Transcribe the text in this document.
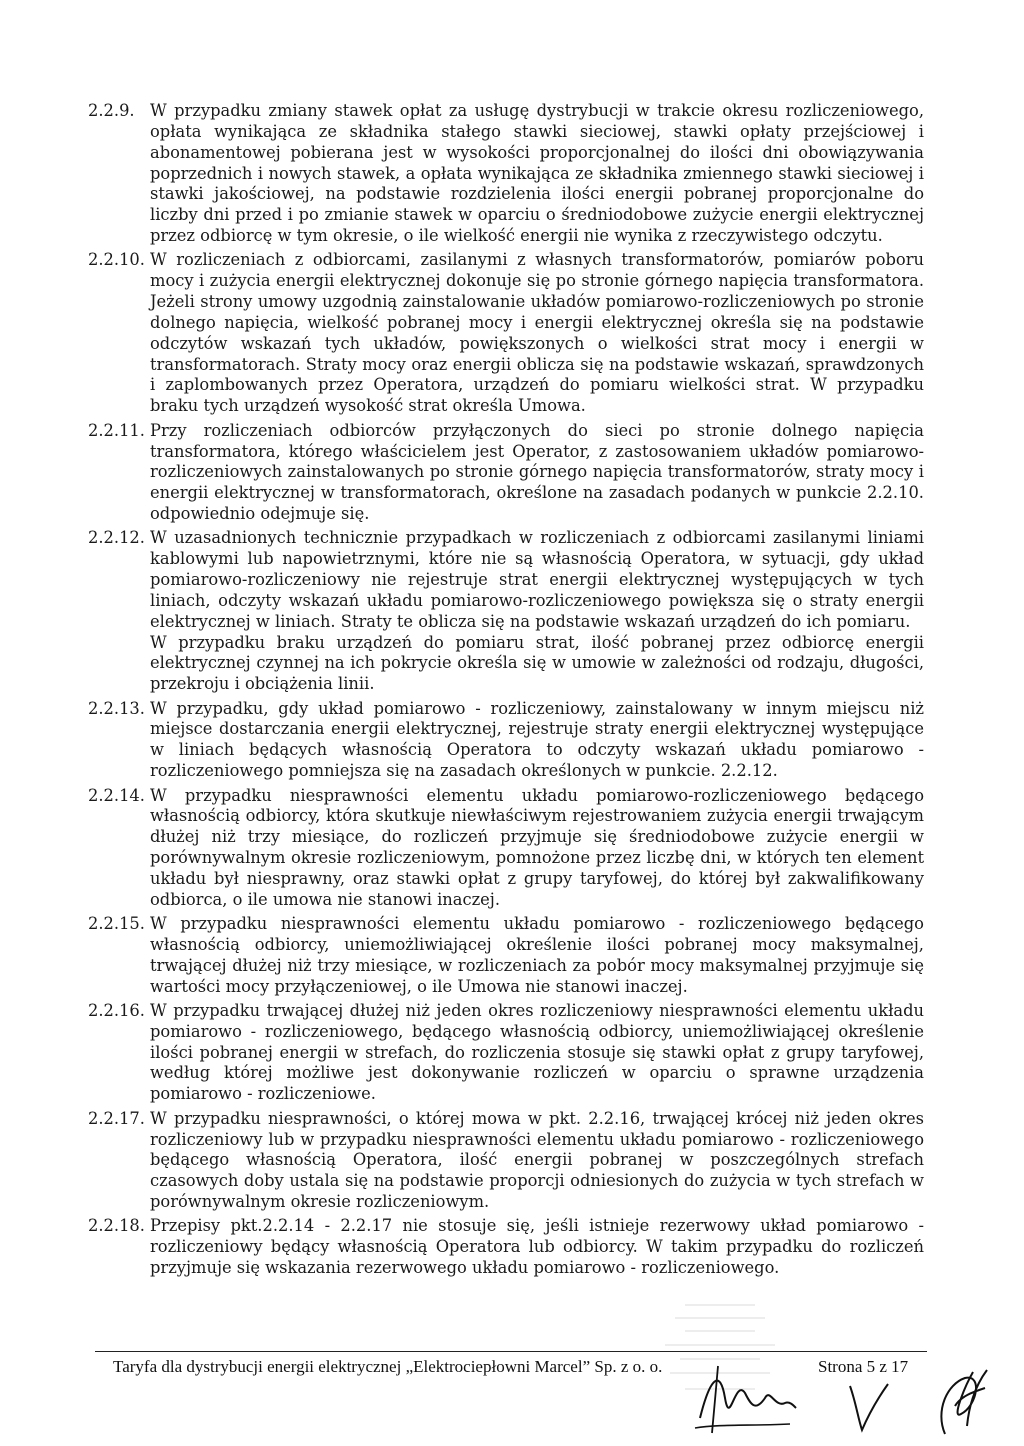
2.2.9. W przypadku zmiany stawek opłat za usługę dystrybucji w trakcie okresu rozliczeniowego, opłata wynikająca ze składnika stałego stawki sieciowej, stawki opłaty przejściowej i abonamentowej pobierana jest w wysokości proporcjonalnej do ilości dni obowiązywania poprzednich i nowych stawek, a opłata wynikająca ze składnika zmiennego stawki sieciowej i stawki jakościowej, na podstawie rozdzielenia ilości energii pobranej proporcjonalne do liczby dni przed i po zmianie stawek w oparciu o średniodobowe zużycie energii elektrycznej przez odbiorcę w tym okresie, o ile wielkość energii nie wynika z rzeczywistego odczytu.

2.2.10. W rozliczeniach z odbiorcami, zasilanymi z własnych transformatorów, pomiarów poboru mocy i zużycia energii elektrycznej dokonuje się po stronie górnego napięcia transformatora. Jeżeli strony umowy uzgodnią zainstalowanie układów pomiarowo-rozliczeniowych po stronie dolnego napięcia, wielkość pobranej mocy i energii elektrycznej określa się na podstawie odczytów wskazań tych układów, powiększonych o wielkości strat mocy i energii w transformatorach. Straty mocy oraz energii oblicza się na podstawie wskazań, sprawdzonych i zaplombowanych przez Operatora, urządzeń do pomiaru wielkości strat. W przypadku braku tych urządzeń wysokość strat określa Umowa.

2.2.11. Przy rozliczeniach odbiorców przyłączonych do sieci po stronie dolnego napięcia transformatora, którego właścicielem jest Operator, z zastosowaniem układów pomiarowo-rozliczeniowych zainstalowanych po stronie górnego napięcia transformatorów, straty mocy i energii elektrycznej w transformatorach, określone na zasadach podanych w punkcie 2.2.10. odpowiednio odejmuje się.

2.2.12. W uzasadnionych technicznie przypadkach w rozliczeniach z odbiorcami zasilanymi liniami kablowymi lub napowietrznymi, które nie są własnością Operatora, w sytuacji, gdy układ pomiarowo-rozliczeniowy nie rejestruje strat energii elektrycznej występujących w tych liniach, odczyty wskazań układu pomiarowo-rozliczeniowego powiększa się o straty energii elektrycznej w liniach. Straty te oblicza się na podstawie wskazań urządzeń do ich pomiaru.

W przypadku braku urządzeń do pomiaru strat, ilość pobranej przez odbiorcę energii elektrycznej czynnej na ich pokrycie określa się w umowie w zależności od rodzaju, długości, przekroju i obciążenia linii.

2.2.13. W przypadku, gdy układ pomiarowo - rozliczeniowy, zainstalowany w innym miejscu niż miejsce dostarczania energii elektrycznej, rejestruje straty energii elektrycznej występujące w liniach będących własnością Operatora to odczyty wskazań układu pomiarowo - rozliczeniowego pomniejsza się na zasadach określonych w punkcie. 2.2.12.

2.2.14. W przypadku niesprawności elementu układu pomiarowo-rozliczeniowego będącego własnością odbiorcy, która skutkuje niewłaściwym rejestrowaniem zużycia energii trwającym dłużej niż trzy miesiące, do rozliczeń przyjmuje się średniodobowe zużycie energii w porównywalnym okresie rozliczeniowym, pomnożone przez liczbę dni, w których ten element układu był niesprawny, oraz stawki opłat z grupy taryfowej, do której był zakwalifikowany odbiorca, o ile umowa nie stanowi inaczej.

2.2.15. W przypadku niesprawności elementu układu pomiarowo - rozliczeniowego będącego własnością odbiorcy, uniemożliwiającej określenie ilości pobranej mocy maksymalnej, trwającej dłużej niż trzy miesiące, w rozliczeniach za pobór mocy maksymalnej przyjmuje się wartości mocy przyłączeniowej, o ile Umowa nie stanowi inaczej.

2.2.16. W przypadku trwającej dłużej niż jeden okres rozliczeniowy niesprawności elementu układu pomiarowo - rozliczeniowego, będącego własnością odbiorcy, uniemożliwiającej określenie ilości pobranej energii w strefach, do rozliczenia stosuje się stawki opłat z grupy taryfowej, według której możliwe jest dokonywanie rozliczeń w oparciu o sprawne urządzenia pomiarowo - rozliczeniowe.

2.2.17. W przypadku niesprawności, o której mowa w pkt. 2.2.16, trwającej krócej niż jeden okres rozliczeniowy lub w przypadku niesprawności elementu układu pomiarowo - rozliczeniowego będącego własnością Operatora, ilość energii pobranej w poszczególnych strefach czasowych doby ustala się na podstawie proporcji odniesionych do zużycia w tych strefach w porównywalnym okresie rozliczeniowym.

2.2.18. Przepisy pkt.2.2.14 - 2.2.17 nie stosuje się, jeśli istnieje rezerwowy układ pomiarowo - rozliczeniowy będący własnością Operatora lub odbiorcy. W takim przypadku do rozliczeń przyjmuje się wskazania rezerwowego układu pomiarowo - rozliczeniowego.

Taryfa dla dystrybucji energii elektrycznej „Elektrociepłowni Marcel” Sp. z o. o.	Strona 5 z 17
